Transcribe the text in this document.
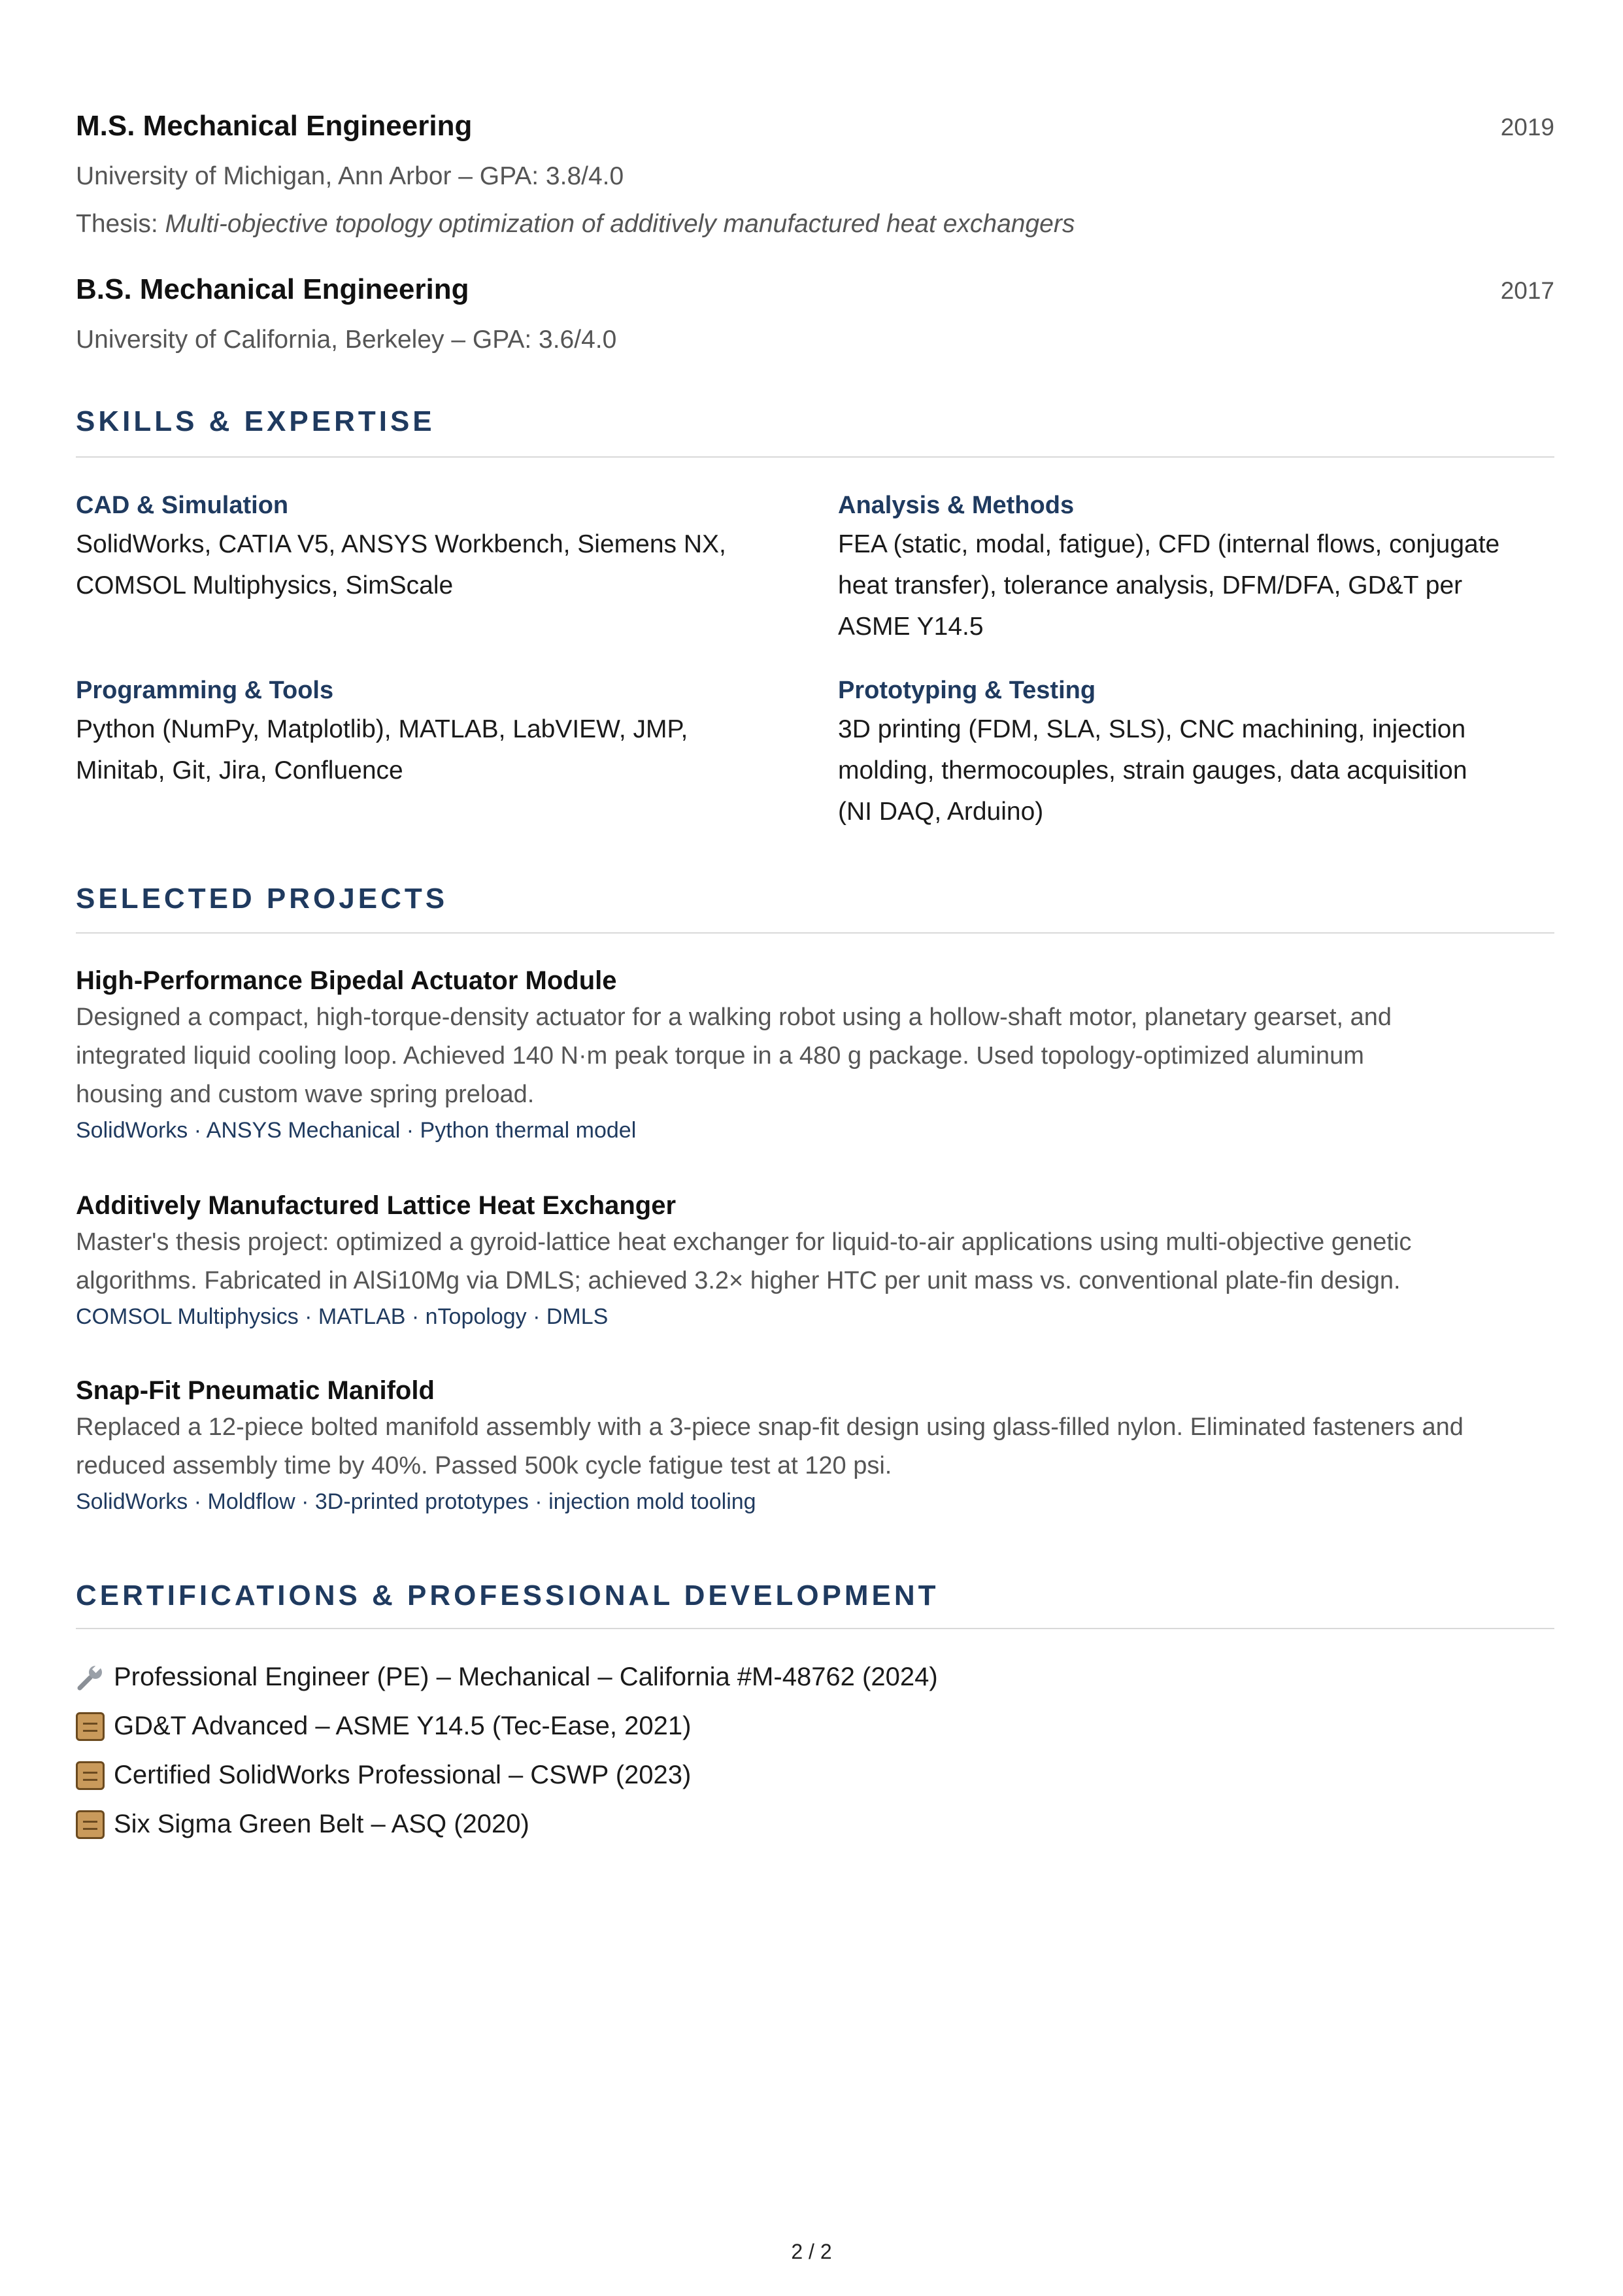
M.S. Mechanical Engineering	2019
University of Michigan, Ann Arbor – GPA: 3.8/4.0
Thesis: Multi-objective topology optimization of additively manufactured heat exchangers
B.S. Mechanical Engineering	2017
University of California, Berkeley – GPA: 3.6/4.0
SKILLS & EXPERTISE
CAD & Simulation
SolidWorks, CATIA V5, ANSYS Workbench, Siemens NX,
COMSOL Multiphysics, SimScale
Analysis & Methods
FEA (static, modal, fatigue), CFD (internal flows, conjugate
heat transfer), tolerance analysis, DFM/DFA, GD&T per
ASME Y14.5
Programming & Tools
Python (NumPy, Matplotlib), MATLAB, LabVIEW, JMP,
Minitab, Git, Jira, Confluence
Prototyping & Testing
3D printing (FDM, SLA, SLS), CNC machining, injection
molding, thermocouples, strain gauges, data acquisition
(NI DAQ, Arduino)
SELECTED PROJECTS
High-Performance Bipedal Actuator Module
Designed a compact, high-torque-density actuator for a walking robot using a hollow-shaft motor, planetary gearset, and
integrated liquid cooling loop. Achieved 140 N·m peak torque in a 480 g package. Used topology-optimized aluminum
housing and custom wave spring preload.
SolidWorks · ANSYS Mechanical · Python thermal model
Additively Manufactured Lattice Heat Exchanger
Master's thesis project: optimized a gyroid-lattice heat exchanger for liquid-to-air applications using multi-objective genetic
algorithms. Fabricated in AlSi10Mg via DMLS; achieved 3.2× higher HTC per unit mass vs. conventional plate-fin design.
COMSOL Multiphysics · MATLAB · nTopology · DMLS
Snap-Fit Pneumatic Manifold
Replaced a 12-piece bolted manifold assembly with a 3-piece snap-fit design using glass-filled nylon. Eliminated fasteners and
reduced assembly time by 40%. Passed 500k cycle fatigue test at 120 psi.
SolidWorks · Moldflow · 3D-printed prototypes · injection mold tooling
CERTIFICATIONS & PROFESSIONAL DEVELOPMENT
Professional Engineer (PE) – Mechanical – California #M-48762 (2024)
GD&T Advanced – ASME Y14.5 (Tec-Ease, 2021)
Certified SolidWorks Professional – CSWP (2023)
Six Sigma Green Belt – ASQ (2020)
2 / 2
